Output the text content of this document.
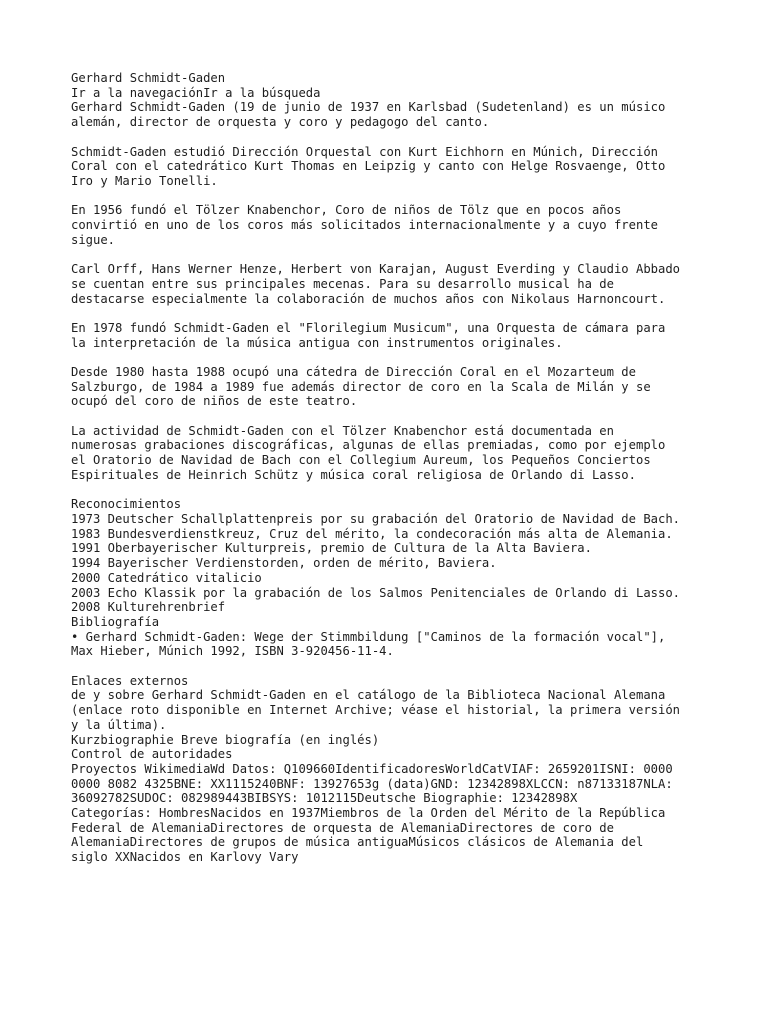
Gerhard Schmidt-Gaden
Ir a la navegaciónIr a la búsqueda
Gerhard Schmidt-Gaden (19 de junio de 1937 en Karlsbad (Sudetenland) es un músico
alemán, director de orquesta y coro y pedagogo del canto.
Schmidt-Gaden estudió Dirección Orquestal con Kurt Eichhorn en Múnich, Dirección
Coral con el catedrático Kurt Thomas en Leipzig y canto con Helge Rosvaenge, Otto
Iro y Mario Tonelli.
En 1956 fundó el Tölzer Knabenchor, Coro de niños de Tölz que en pocos años
convirtió en uno de los coros más solicitados internacionalmente y a cuyo frente
sigue.
Carl Orff, Hans Werner Henze, Herbert von Karajan, August Everding y Claudio Abbado
se cuentan entre sus principales mecenas. Para su desarrollo musical ha de
destacarse especialmente la colaboración de muchos años con Nikolaus Harnoncourt.
En 1978 fundó Schmidt-Gaden el "Florilegium Musicum", una Orquesta de cámara para
la interpretación de la música antigua con instrumentos originales.
Desde 1980 hasta 1988 ocupó una cátedra de Dirección Coral en el Mozarteum de
Salzburgo, de 1984 a 1989 fue además director de coro en la Scala de Milán y se
ocupó del coro de niños de este teatro.
La actividad de Schmidt-Gaden con el Tölzer Knabenchor está documentada en
numerosas grabaciones discográficas, algunas de ellas premiadas, como por ejemplo
el Oratorio de Navidad de Bach con el Collegium Aureum, los Pequeños Conciertos
Espirituales de Heinrich Schütz y música coral religiosa de Orlando di Lasso.
Reconocimientos
1973 Deutscher Schallplattenpreis por su grabación del Oratorio de Navidad de Bach.
1983 Bundesverdienstkreuz, Cruz del mérito, la condecoración más alta de Alemania.
1991 Oberbayerischer Kulturpreis, premio de Cultura de la Alta Baviera.
1994 Bayerischer Verdienstorden, orden de mérito, Baviera.
2000 Catedrático vitalicio
2003 Echo Klassik por la grabación de los Salmos Penitenciales de Orlando di Lasso.
2008 Kulturehrenbrief
Bibliografía
• Gerhard Schmidt-Gaden: Wege der Stimmbildung ["Caminos de la formación vocal"],
Max Hieber, Múnich 1992, ISBN 3-920456-11-4.
Enlaces externos
de y sobre Gerhard Schmidt-Gaden en el catálogo de la Biblioteca Nacional Alemana
(enlace roto disponible en Internet Archive; véase el historial, la primera versión
y la última).
Kurzbiographie Breve biografía (en inglés)
Control de autoridades
Proyectos WikimediaWd Datos: Q109660IdentificadoresWorldCatVIAF: 2659201ISNI: 0000
0000 8082 4325BNE: XX1115240BNF: 13927653g (data)GND: 12342898XLCCN: n87133187NLA:
36092782SUDOC: 082989443BIBSYS: 1012115Deutsche Biographie: 12342898X
Categorías: HombresNacidos en 1937Miembros de la Orden del Mérito de la República
Federal de AlemaniaDirectores de orquesta de AlemaniaDirectores de coro de
AlemaniaDirectores de grupos de música antiguaMúsicos clásicos de Alemania del
siglo XXNacidos en Karlovy Vary
